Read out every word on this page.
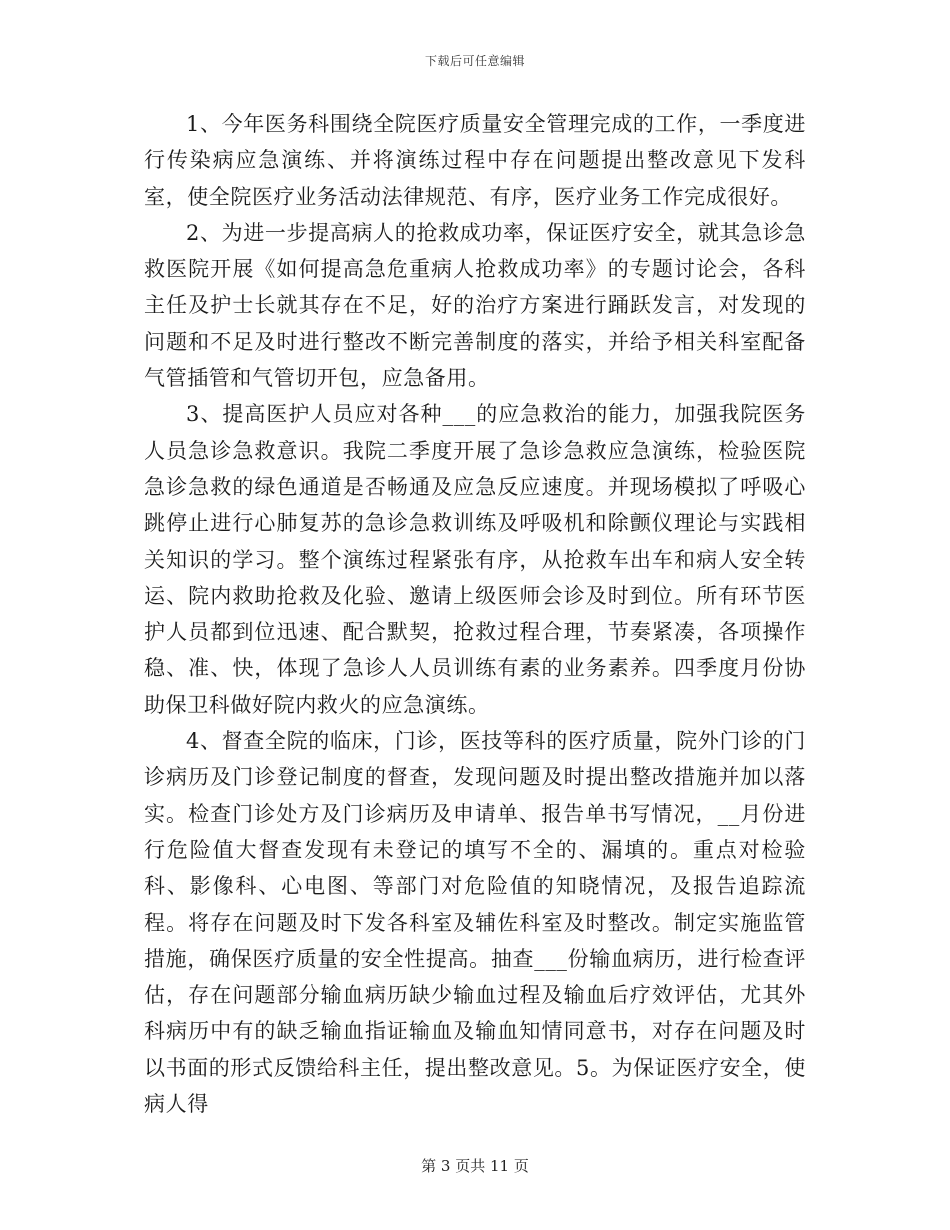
下载后可任意编辑

1、今年医务科围绕全院医疗质量安全管理完成的工作，一季度进行传染病应急演练、并将演练过程中存在问题提出整改意见下发科室，使全院医疗业务活动法律规范、有序，医疗业务工作完成很好。

2、为进一步提高病人的抢救成功率，保证医疗安全，就其急诊急救医院开展《如何提高急危重病人抢救成功率》的专题讨论会，各科主任及护士长就其存在不足，好的治疗方案进行踊跃发言，对发现的问题和不足及时进行整改不断完善制度的落实，并给予相关科室配备气管插管和气管切开包，应急备用。

3、提高医护人员应对各种___的应急救治的能力，加强我院医务人员急诊急救意识。我院二季度开展了急诊急救应急演练，检验医院急诊急救的绿色通道是否畅通及应急反应速度。并现场模拟了呼吸心跳停止进行心肺复苏的急诊急救训练及呼吸机和除颤仪理论与实践相关知识的学习。整个演练过程紧张有序，从抢救车出车和病人安全转运、院内救助抢救及化验、邀请上级医师会诊及时到位。所有环节医护人员都到位迅速、配合默契，抢救过程合理，节奏紧凑，各项操作稳、准、快，体现了急诊人人员训练有素的业务素养。四季度月份协助保卫科做好院内救火的应急演练。

4、督查全院的临床，门诊，医技等科的医疗质量，院外门诊的门诊病历及门诊登记制度的督查，发现问题及时提出整改措施并加以落实。检查门诊处方及门诊病历及申请单、报告单书写情况，__月份进行危险值大督查发现有未登记的填写不全的、漏填的。重点对检验科、影像科、心电图、等部门对危险值的知晓情况，及报告追踪流程。将存在问题及时下发各科室及辅佐科室及时整改。制定实施监管措施，确保医疗质量的安全性提高。抽查___份输血病历，进行检查评估，存在问题部分输血病历缺少输血过程及输血后疗效评估，尤其外科病历中有的缺乏输血指证输血及输血知情同意书，对存在问题及时以书面的形式反馈给科主任，提出整改意见。5。为保证医疗安全，使病人得

第 3 页共 11 页
